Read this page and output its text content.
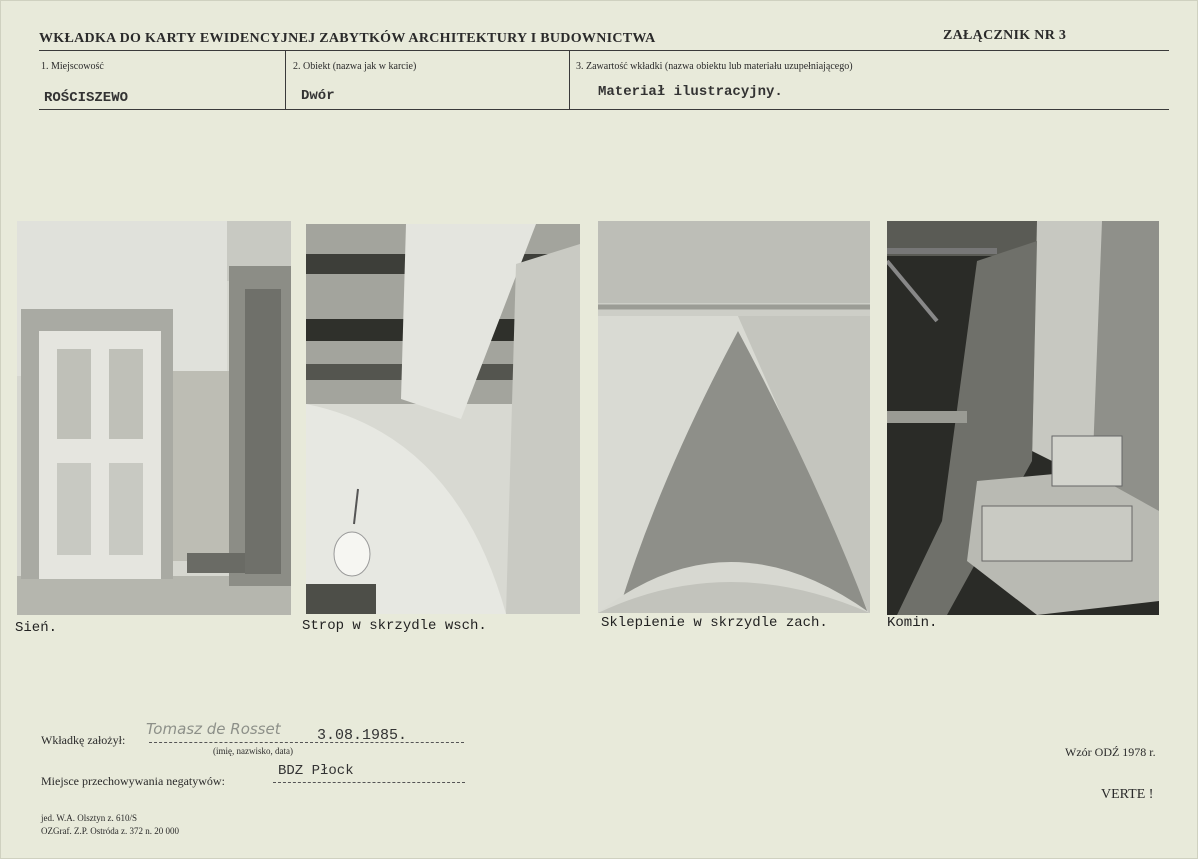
WKŁADKA DO KARTY EWIDENCYJNEJ ZABYTKÓW ARCHITEKTURY I BUDOWNICTWA	ZAŁĄCZNIK NR 3
1. Miejscowość
ROŚCISZEWO
2. Obiekt (nazwa jak w karcie)
Dwór
3. Zawartość wkładki (nazwa obiektu lub materiału uzupełniającego)
Materiał ilustracyjny.
Sień.	Strop w skrzydle wsch.	Sklepienie w skrzydle zach.	Komin.
Wkładkę założył:
Tomasz de Rosset 3.08.1985.
(imię, nazwisko, data)
Miejsce przechowywania negatywów:
BDZ Płock
Wzór ODŹ 1978 r.
VERTE !
jed. W.A. Olsztyn z. 610/S
OZGraf. Z.P. Ostróda z. 372 n. 20 000
